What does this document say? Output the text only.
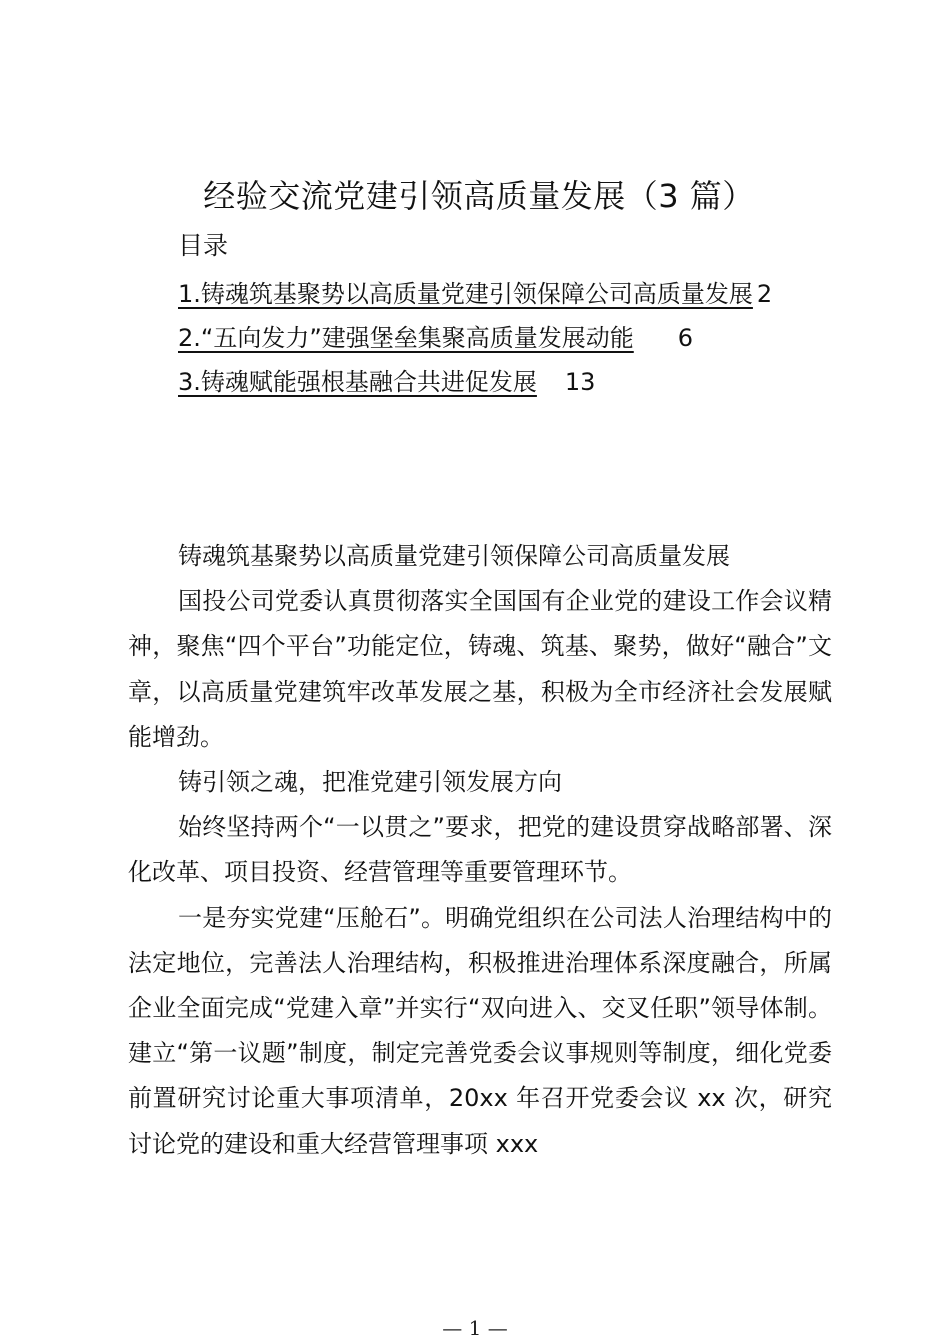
经验交流党建引领高质量发展（3 篇）
目录
1.铸魂筑基聚势以高质量党建引领保障公司高质量发展 2
2.“五向发力”建强堡垒集聚高质量发展动能 6
3.铸魂赋能强根基融合共进促发展 13

铸魂筑基聚势以高质量党建引领保障公司高质量发展

国投公司党委认真贯彻落实全国国有企业党的建设工作会议精神，聚焦“四个平台”功能定位，铸魂、筑基、聚势，做好“融合”文章，以高质量党建筑牢改革发展之基，积极为全市经济社会发展赋能增劲。

铸引领之魂，把准党建引领发展方向

始终坚持两个“一以贯之”要求，把党的建设贯穿战略部署、深化改革、项目投资、经营管理等重要管理环节。

一是夯实党建“压舱石”。明确党组织在公司法人治理结构中的法定地位，完善法人治理结构，积极推进治理体系深度融合，所属企业全面完成“党建入章”并实行“双向进入、交叉任职”领导体制。建立“第一议题”制度，制定完善党委会议事规则等制度，细化党委前置研究讨论重大事项清单，20xx 年召开党委会议 xx 次，研究讨论党的建设和重大经营管理事项 xxx

— 1 —
